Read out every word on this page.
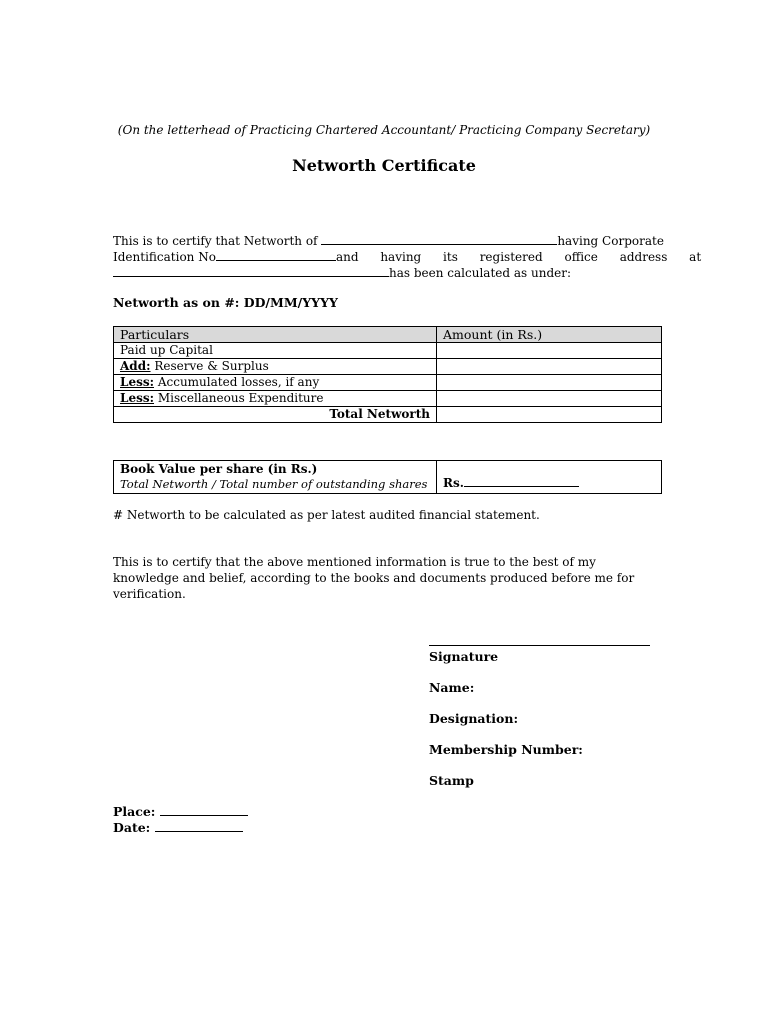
(On the letterhead of Practicing Chartered Accountant/ Practicing Company Secretary)
Networth Certificate
This is to certify that Networth of	having Corporate
Identification No	and having its registered office address at
has been calculated as under:
Networth as on #: DD/MM/YYYY
Particulars	Amount (in Rs.)
Paid up Capital	
Add: Reserve & Surplus	
Less: Accumulated losses, if any	
Less: Miscellaneous Expenditure	
Total Networth	
Book Value per share (in Rs.)
Total Networth / Total number of outstanding shares	Rs.
# Networth to be calculated as per latest audited financial statement.
This is to certify that the above mentioned information is true to the best of my knowledge and belief, according to the books and documents produced before me for verification.
Signature
Name:
Designation:
Membership Number:
Stamp
Place:
Date:
